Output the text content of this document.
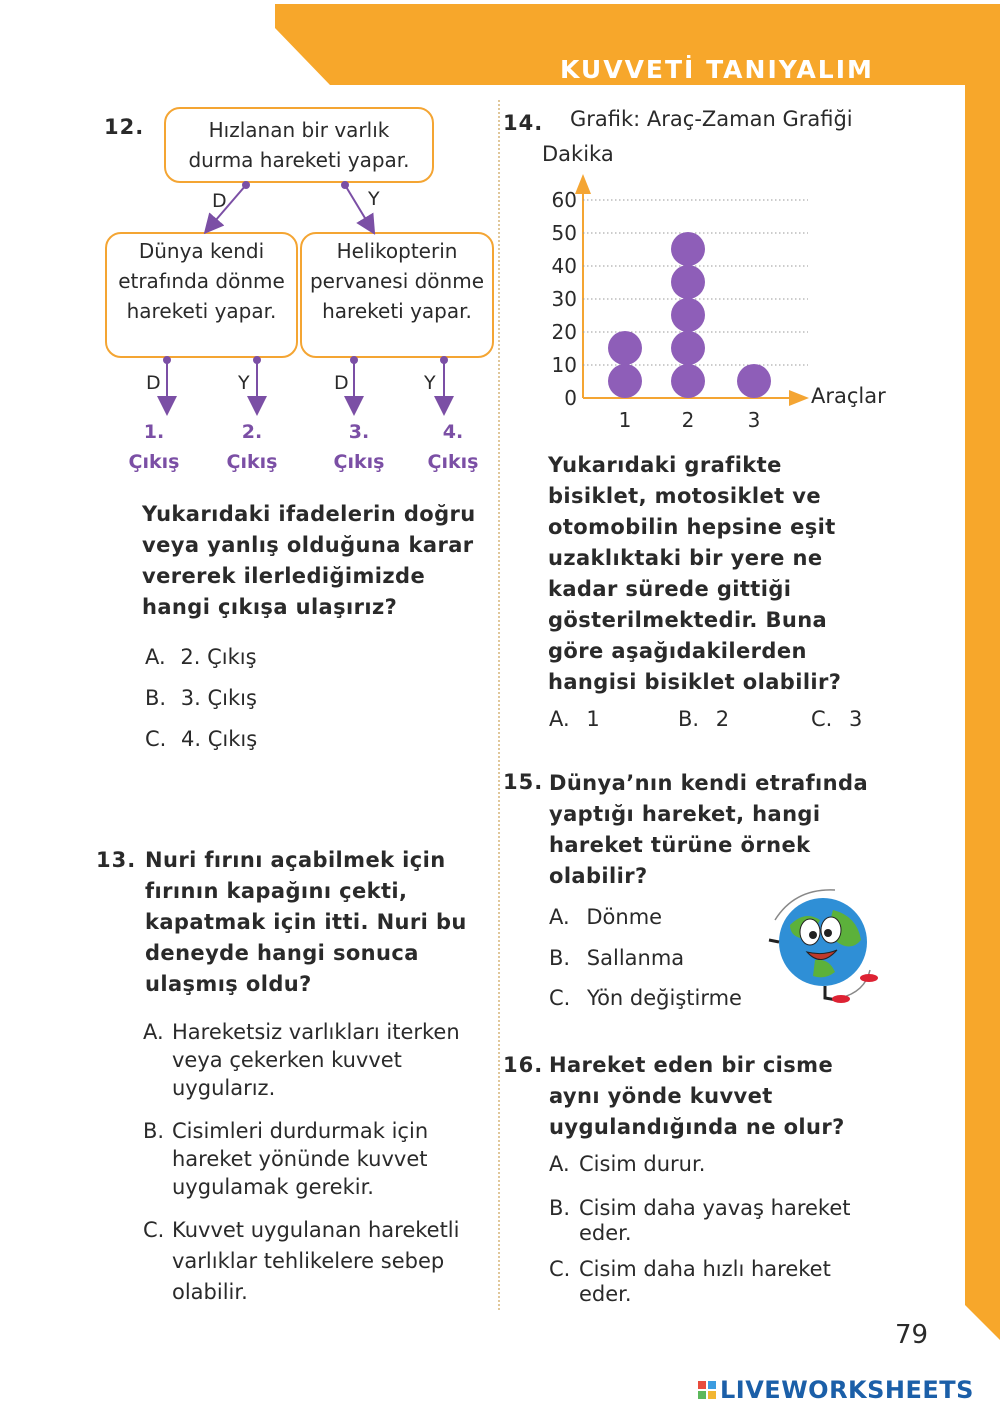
KUVVETİ TANIYALIM
12.	Hızlanan bir varlık durma hareketi yapar.
Dünya kendi etrafında dönme hareketi yapar.
Helikopterin pervanesi dönme hareketi yapar.
D	Y
D	Y	D	Y
1.
Çıkış
2.
Çıkış
3.
Çıkış
4.
Çıkış
Yukarıdaki ifadelerin doğru veya yanlış olduğuna karar vererek ilerlediğimizde hangi çıkışa ulaşırız?
A. 2. Çıkış
B. 3. Çıkış
C. 4. Çıkış
13. Nuri fırını açabilmek için fırının kapağını çekti, kapatmak için itti. Nuri bu deneyde hangi sonuca ulaşmış oldu?
A. Hareketsiz varlıkları iterken veya çekerken kuvvet uygularız.
B. Cisimleri durdurmak için hareket yönünde kuvvet uygulamak gerekir.
C. Kuvvet uygulanan hareketli varlıklar tehlikelere sebep olabilir.
14. Grafik: Araç-Zaman Grafiği
Dakika
0
10
20
30
40
50
60
1	2	3
Araçlar
Yukarıdaki grafikte bisiklet, motosiklet ve otomobilin hepsine eşit uzaklıktaki bir yere ne kadar sürede gittiği gösterilmektedir. Buna göre aşağıdakilerden hangisi bisiklet olabilir?
A. 1	B. 2	C. 3
15. Dünya’nın kendi etrafında yaptığı hareket, hangi hareket türüne örnek olabilir?
A. Dönme
B. Sallanma
C. Yön değiştirme
16. Hareket eden bir cisme aynı yönde kuvvet uygulandığında ne olur?
A. Cisim durur.
B. Cisim daha yavaş hareket eder.
C. Cisim daha hızlı hareket eder.
79
LIVEWORKSHEETS
